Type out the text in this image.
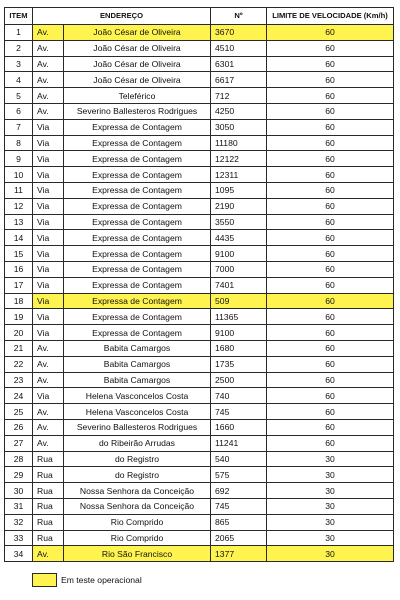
ITEM	ENDEREÇO		Nº	LIMITE DE VELOCIDADE (Km/h)
1	Av.	João César de Oliveira	3670	60
2	Av.	João César de Oliveira	4510	60
3	Av.	João César de Oliveira	6301	60
4	Av.	João César de Oliveira	6617	60
5	Av.	Teleférico	712	60
6	Av.	Severino Ballesteros Rodrigues	4250	60
7	Via	Expressa de Contagem	3050	60
8	Via	Expressa de Contagem	11180	60
9	Via	Expressa de Contagem	12122	60
10	Via	Expressa de Contagem	12311	60
11	Via	Expressa de Contagem	1095	60
12	Via	Expressa de Contagem	2190	60
13	Via	Expressa de Contagem	3550	60
14	Via	Expressa de Contagem	4435	60
15	Via	Expressa de Contagem	9100	60
16	Via	Expressa de Contagem	7000	60
17	Via	Expressa de Contagem	7401	60
18	Via	Expressa de Contagem	509	60
19	Via	Expressa de Contagem	11365	60
20	Via	Expressa de Contagem	9100	60
21	Av.	Babita Camargos	1680	60
22	Av.	Babita Camargos	1735	60
23	Av.	Babita Camargos	2500	60
24	Via	Helena Vasconcelos Costa	740	60
25	Av.	Helena Vasconcelos Costa	745	60
26	Av.	Severino Ballesteros Rodrigues	1660	60
27	Av.	do Ribeirão Arrudas	11241	60
28	Rua	do Registro	540	30
29	Rua	do Registro	575	30
30	Rua	Nossa Senhora da Conceição	692	30
31	Rua	Nossa Senhora da Conceição	745	30
32	Rua	Rio Comprido	865	30
33	Rua	Rio Comprido	2065	30
34	Av.	Rio São Francisco	1377	30
Em teste operacional
